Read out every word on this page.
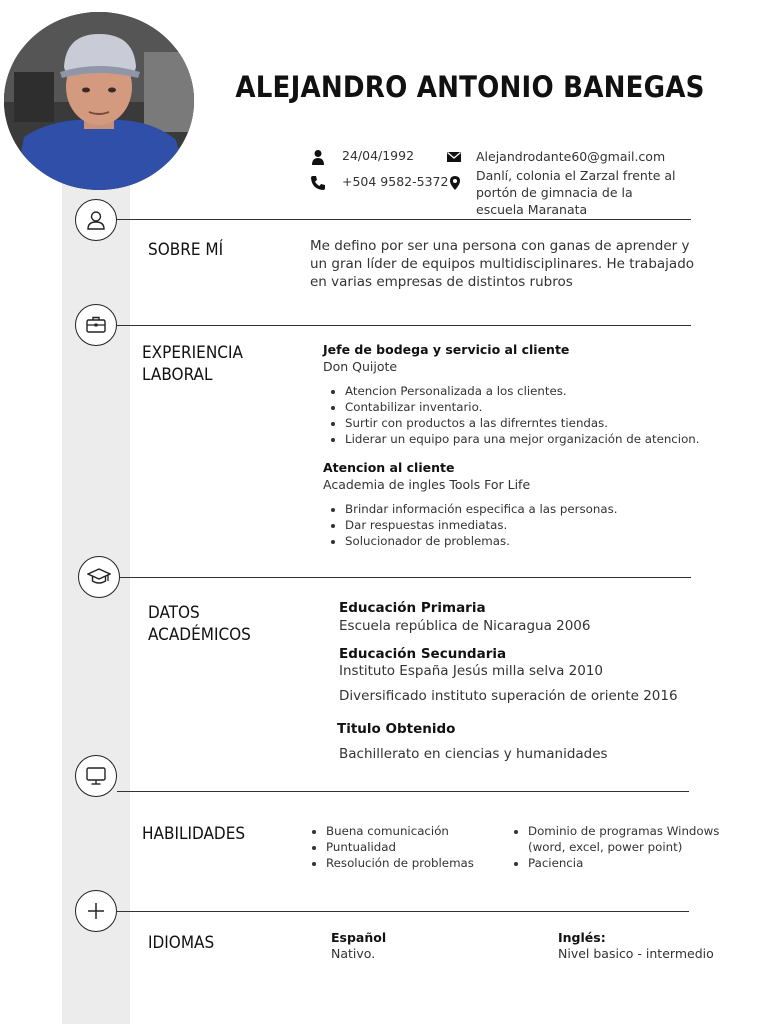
ALEJANDRO ANTONIO BANEGAS
24/04/1992
+504 9582-5372
Alejandrodante60@gmail.com
Danlí, colonia el Zarzal frente al portón de gimnacia de la escuela Maranata
SOBRE MÍ	Me defino por ser una persona con ganas de aprender y un gran líder de equipos multidisciplinares. He trabajado en varias empresas de distintos rubros
EXPERIENCIA
LABORAL
Jefe de bodega y servicio al cliente
Don Quijote
• Atencion Personalizada a los clientes.
• Contabilizar inventario.
• Surtir con productos a las difrerntes tiendas.
• Liderar un equipo para una mejor organización de atencion.
Atencion al cliente
Academia de ingles Tools For Life
• Brindar información especifica a las personas.
• Dar respuestas inmediatas.
• Solucionador de problemas.
DATOS
ACADÉMICOS
Educación Primaria
Escuela república de Nicaragua 2006
Educación Secundaria
Instituto España Jesús milla selva 2010
Diversificado instituto superación de oriente 2016
Titulo Obtenido
Bachillerato en ciencias y humanidades
HABILIDADES
•	Buena comunicación
• Puntualidad
• Resolución de problemas
• Dominio de programas Windows (word, excel, power point)
• Paciencia
IDIOMAS	Español
Nativo.
Inglés:
Nivel basico - intermedio
